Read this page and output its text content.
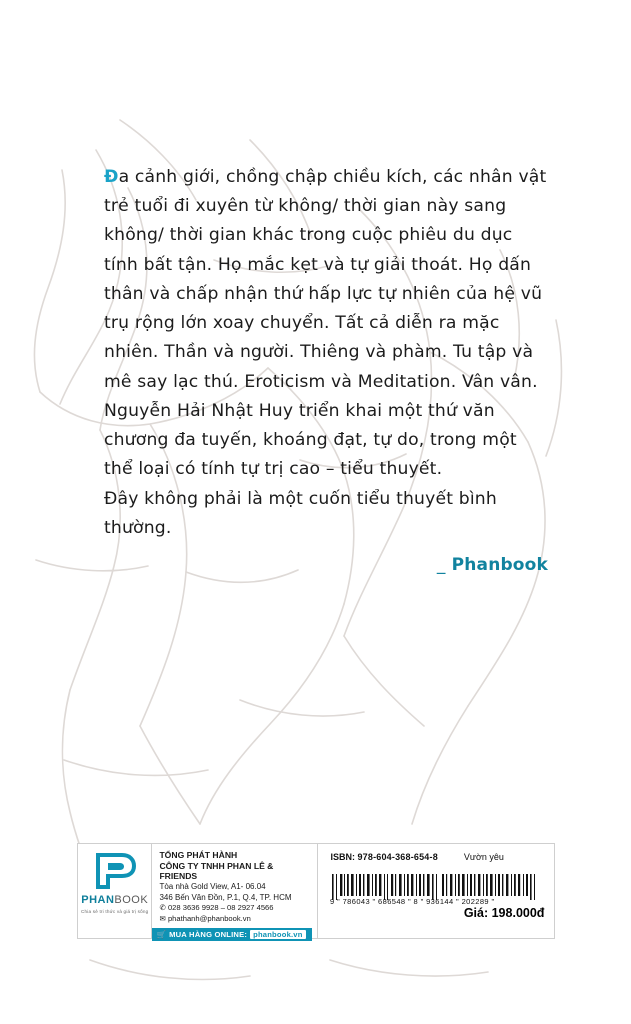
Đa cảnh giới, chồng chập chiều kích, các nhân vật trẻ tuổi đi xuyên từ không/ thời gian này sang không/ thời gian khác trong cuộc phiêu du dục tính bất tận. Họ mắc kẹt và tự giải thoát. Họ dấn thân và chấp nhận thứ hấp lực tự nhiên của hệ vũ trụ rộng lớn xoay chuyển. Tất cả diễn ra mặc nhiên. Thần và người. Thiêng và phàm. Tu tập và mê say lạc thú. Eroticism và Meditation. Vân vân.

Nguyễn Hải Nhật Huy triển khai một thứ văn chương đa tuyến, khoáng đạt, tự do, trong một thể loại có tính tự trị cao – tiểu thuyết.

Đây không phải là một cuốn tiểu thuyết bình thường.

_ Phanbook
PHANBOOK
Chia sẻ tri thức và giá trị sống
TỔNG PHÁT HÀNH
CÔNG TY TNHH PHAN LÊ & FRIENDS
Tòa nhà Gold View, A1- 06.04
346 Bến Vân Đồn, P.1, Q.4, TP. HCM
✆ 028 3636 9928 – 08 2927 4566
✉ phathanh@phanbook.vn
🛒 MUA HÀNG ONLINE: phanbook.vn
ISBN: 978-604-368-654-8	Vườn yêu
9 " 786043 " 686548 " 8 " 936144 " 202289 "
Giá: 198.000đ
